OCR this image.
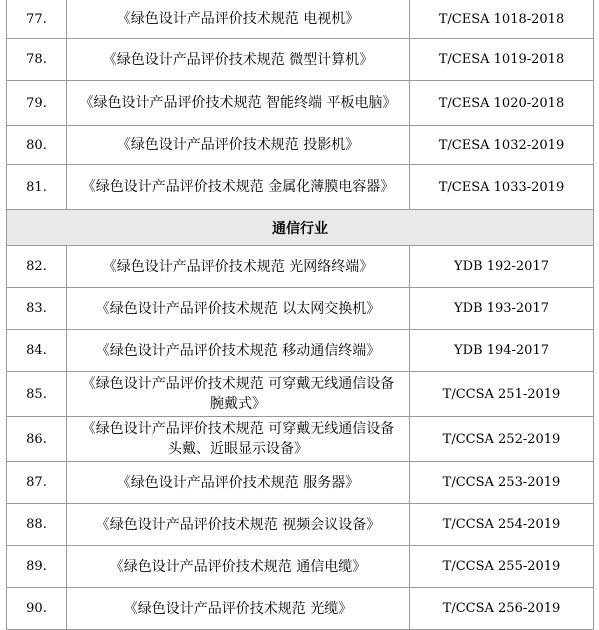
77.	《绿色设计产品评价技术规范 电视机》	T/CESA 1018-2018
78.	《绿色设计产品评价技术规范 微型计算机》	T/CESA 1019-2018
79.	《绿色设计产品评价技术规范 智能终端 平板电脑》	T/CESA 1020-2018
80.	《绿色设计产品评价技术规范 投影机》	T/CESA 1032-2019
81.	《绿色设计产品评价技术规范 金属化薄膜电容器》	T/CESA 1033-2019
通信行业		
82.	《绿色设计产品评价技术规范 光网络终端》	YDB 192-2017
83.	《绿色设计产品评价技术规范 以太网交换机》	YDB 193-2017
84.	《绿色设计产品评价技术规范 移动通信终端》	YDB 194-2017
85.	《绿色设计产品评价技术规范 可穿戴无线通信设备 腕戴式》	T/CCSA 251-2019
86.	《绿色设计产品评价技术规范 可穿戴无线通信设备 头戴、近眼显示设备》	T/CCSA 252-2019
87.	《绿色设计产品评价技术规范 服务器》	T/CCSA 253-2019
88.	《绿色设计产品评价技术规范 视频会议设备》	T/CCSA 254-2019
89.	《绿色设计产品评价技术规范 通信电缆》	T/CCSA 255-2019
90.	《绿色设计产品评价技术规范 光缆》	T/CCSA 256-2019
